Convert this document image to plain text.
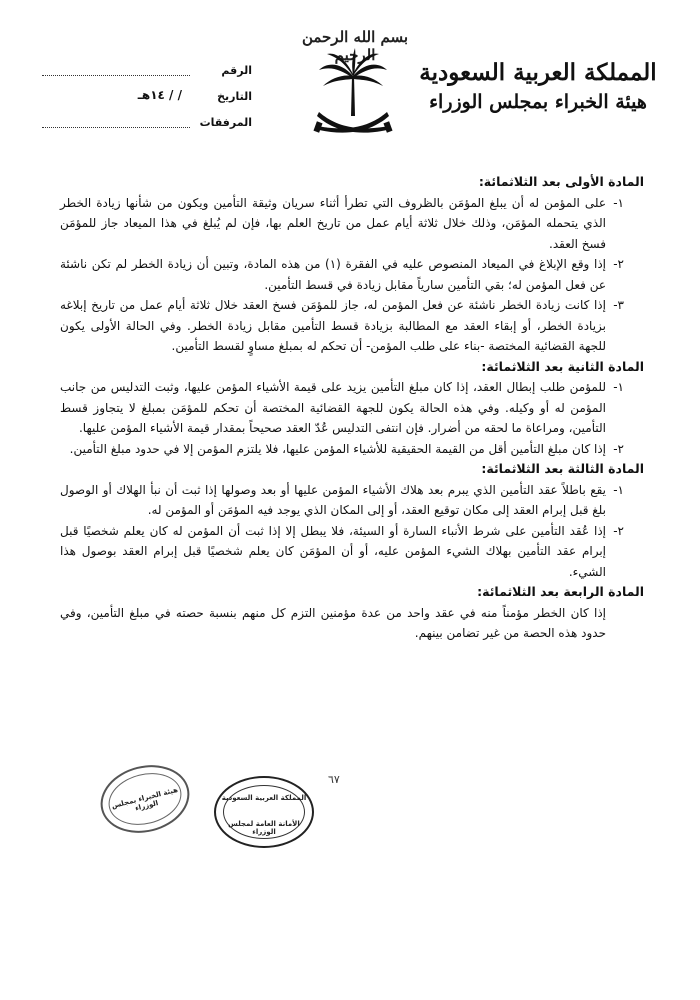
بسم الله الرحمن
المملكة العربية السعودية
هيئة الخبراء بمجلس الوزراء
الرقم
التاريخ
/ / ١٤هـ
المرفقات
المادة الأولى بعد الثلاثمائة:
١-
على المؤمن له أن يبلغ المؤمَن بالظروف التي تطرأ أثناء سريان وثيقة التأمين ويكون من شأنها زيادة الخطر الذي يتحمله المؤمَن، وذلك خلال ثلاثة أيام عمل من تاريخ العلم بها، فإن لم يُبلغ في هذا الميعاد جاز للمؤمَن فسخ العقد.
٢-
إذا وقع الإبلاغ في الميعاد المنصوص عليه في الفقرة (١) من هذه المادة، وتبين أن زيادة الخطر لم تكن ناشئة عن فعل المؤمن له؛ بقي التأمين سارياً مقابل زيادة في قسط التأمين.
٣-
إذا كانت زيادة الخطر ناشئة عن فعل المؤمن له، جاز للمؤمَن فسخ العقد خلال ثلاثة أيام عمل من تاريخ إبلاغه بزيادة الخطر، أو إبقاء العقد مع المطالبة بزيادة قسط التأمين مقابل زيادة الخطر. وفي الحالة الأولى يكون للجهة القضائية المختصة -بناء على طلب المؤمن- أن تحكم له بمبلغ مساوٍ لقسط التأمين.
المادة الثانية بعد الثلاثمائة:
١-
للمؤمن طلب إبطال العقد، إذا كان مبلغ التأمين يزيد على قيمة الأشياء المؤمن عليها، وثبت التدليس من جانب المؤمن له أو وكيله. وفي هذه الحالة يكون للجهة القضائية المختصة أن تحكم للمؤمَن بمبلغ لا يتجاوز قسط التأمين، ومراعاة ما لحقه من أضرار. فإن انتفى التدليس عُدّ العقد صحيحاً بمقدار قيمة الأشياء المؤمن عليها.
٢-
إذا كان مبلغ التأمين أقل من القيمة الحقيقية للأشياء المؤمن عليها، فلا يلتزم المؤمن إلا في حدود مبلغ التأمين.
المادة الثالثة بعد الثلاثمائة:
١-
يقع باطلاً عقد التأمين الذي يبرم بعد هلاك الأشياء المؤمن عليها أو بعد وصولها إذا ثبت أن نبأ الهلاك أو الوصول بلغ قبل إبرام العقد إلى مكان توقيع العقد، أو إلى المكان الذي يوجد فيه المؤمَن أو المؤمن له.
٢-
إذا عُقد التأمين على شرط الأنباء السارة أو السيئة، فلا يبطل إلا إذا ثبت أن المؤمن له كان يعلم شخصيًا قبل إبرام عقد التأمين بهلاك الشيء المؤمن عليه، أو أن المؤمَن كان يعلم شخصيًا قبل إبرام العقد بوصول هذا الشيء.
المادة الرابعة بعد الثلاثمائة:
إذا كان الخطر مؤمناً منه في عقد واحد من عدة مؤمنين التزم كل منهم بنسبة حصته في مبلغ التأمين، وفي حدود هذه الحصة من غير تضامن بينهم.
٦٧
هيئة الخبراء بمجلس الوزراء
المملكة العربية السعودية
الأمانة العامة لمجلس الوزراء
